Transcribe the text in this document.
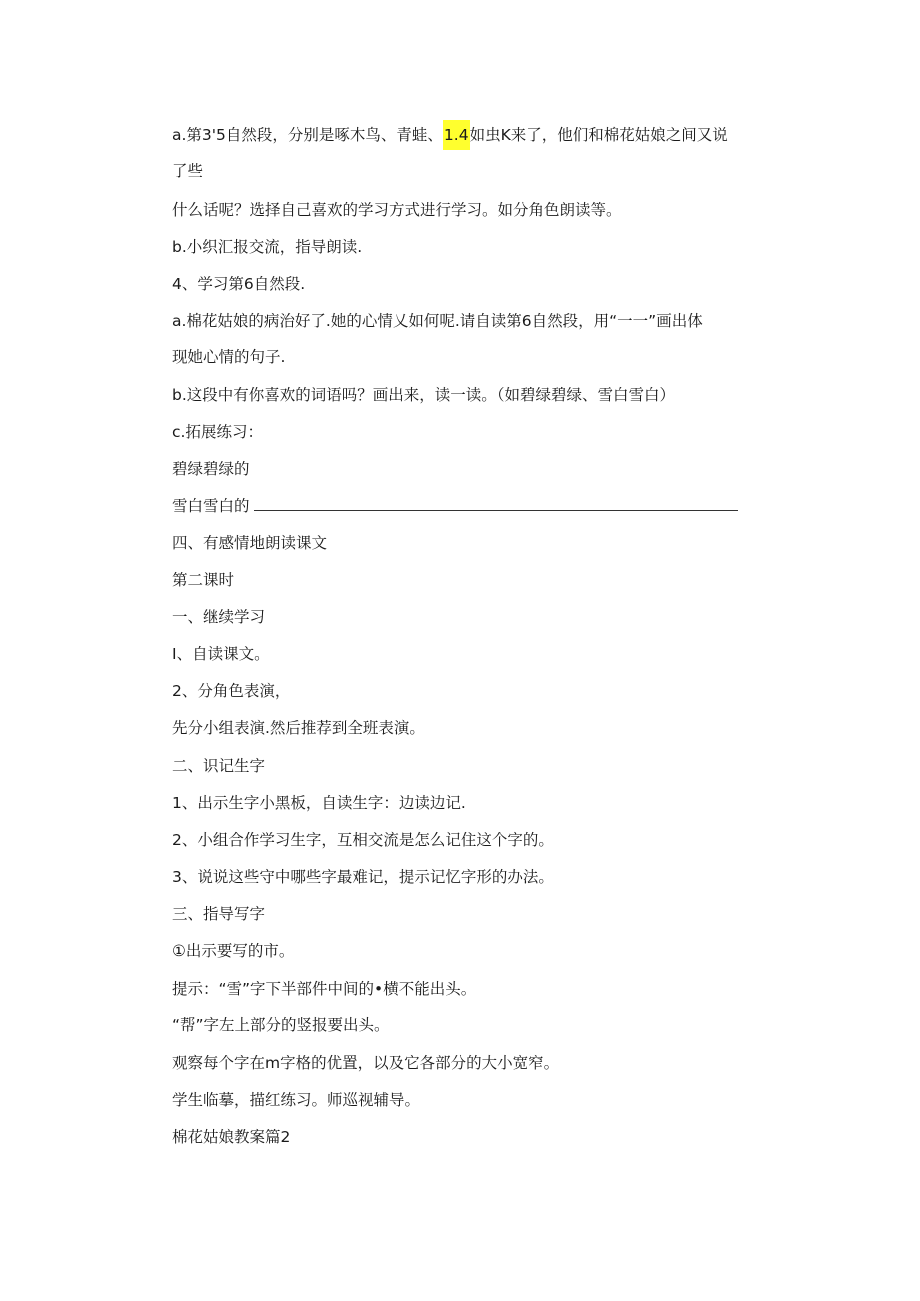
a.第3'5自然段，分别是啄木鸟、青蛙、1.4如虫K来了，他们和棉花姑娘之间又说
了些
什么话呢？选择自己喜欢的学习方式进行学习。如分角色朗读等。
b.小织汇报交流，指导朗读.
4、学习第6自然段.
a.棉花姑娘的病治好了.她的心情乂如何呢.请自读第6自然段，用“一一”画出体
现她心情的句子.
b.这段中有你喜欢的词语吗？画出来，读一读。（如碧绿碧绿、雪白雪白）
c.拓展练习：
碧绿碧绿的
雪白雪白的
四、有感情地朗读课文
第二课时
一、继续学习
I、自读课文。
2、分角色表演，
先分小组表演.然后推荐到全班表演。
二、识记生字
1、出示生字小黑板，自读生字：边读边记.
2、小组合作学习生字，互相交流是怎么记住这个字的。
3、说说这些守中哪些字最难记，提示记忆字形的办法。
三、指导写字
①出示要写的市。
提示：“雪”字下半部件中间的•横不能出头。
“帮”字左上部分的竖报要出头。
观察每个字在m字格的优置，以及它各部分的大小宽窄。
学生临摹，描红练习。师巡视辅导。
棉花姑娘教案篇2
